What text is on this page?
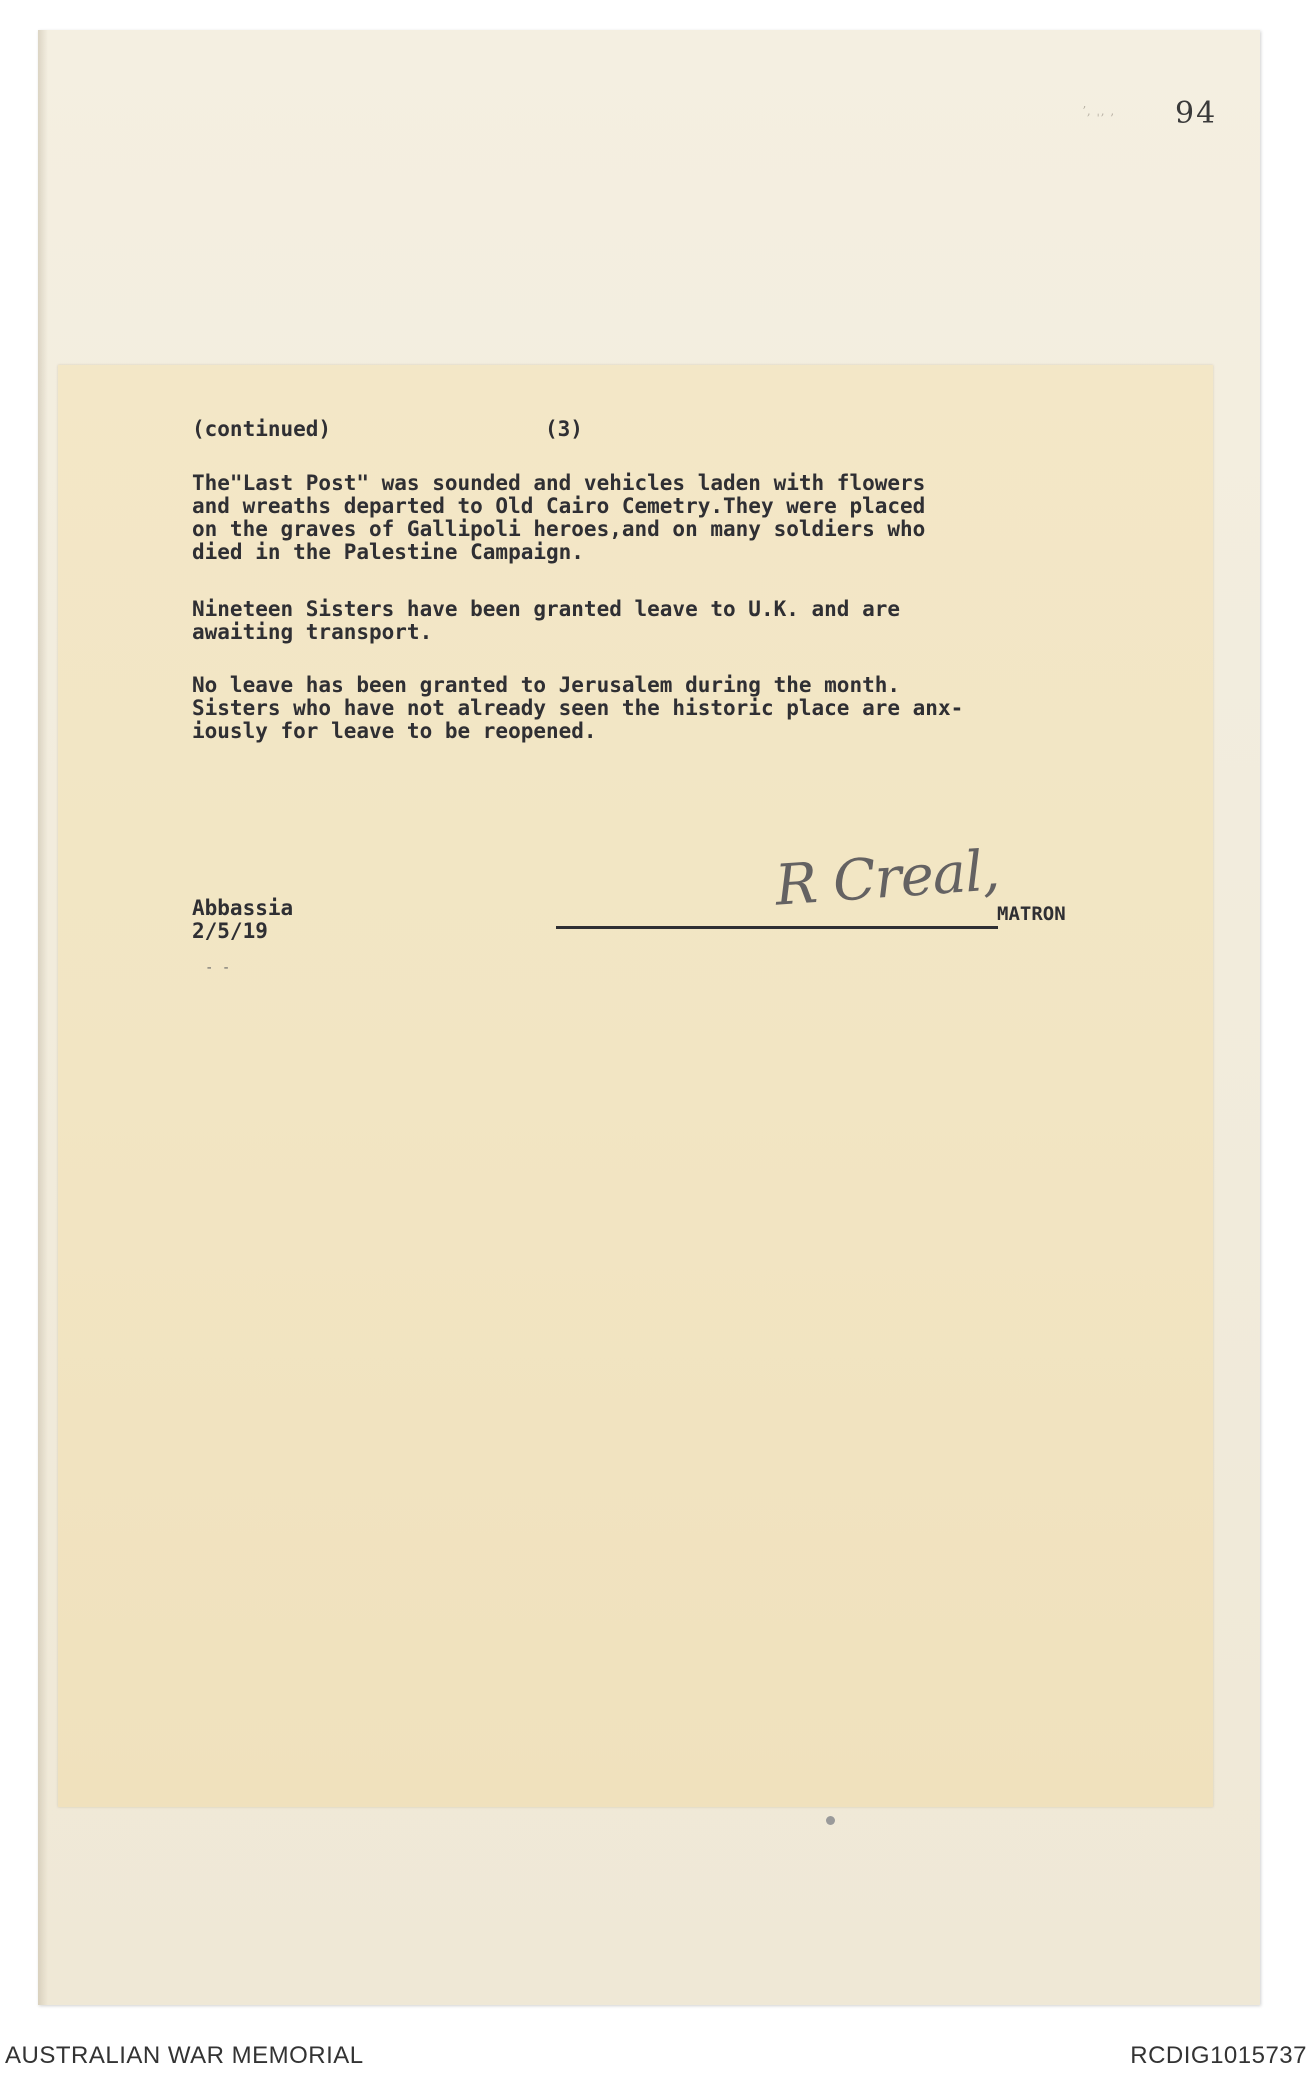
ʼ, ˌ, , 94
(continued)	(3)
The"Last Post" was sounded and vehicles laden with flowers
and wreaths departed to Old Cairo Cemetry.They were placed
on the graves of Gallipoli heroes,and on many soldiers who
died in the Palestine Campaign.
Nineteen Sisters have been granted leave to U.K. and are
awaiting transport.
No leave has been granted to Jerusalem during the month.
Sisters who have not already seen the historic place are anx-
iously for leave to be reopened.
Abbassia
2/5/19
- -
R Creal,
MATRON
AUSTRALIAN WAR MEMORIAL	RCDIG1015737
